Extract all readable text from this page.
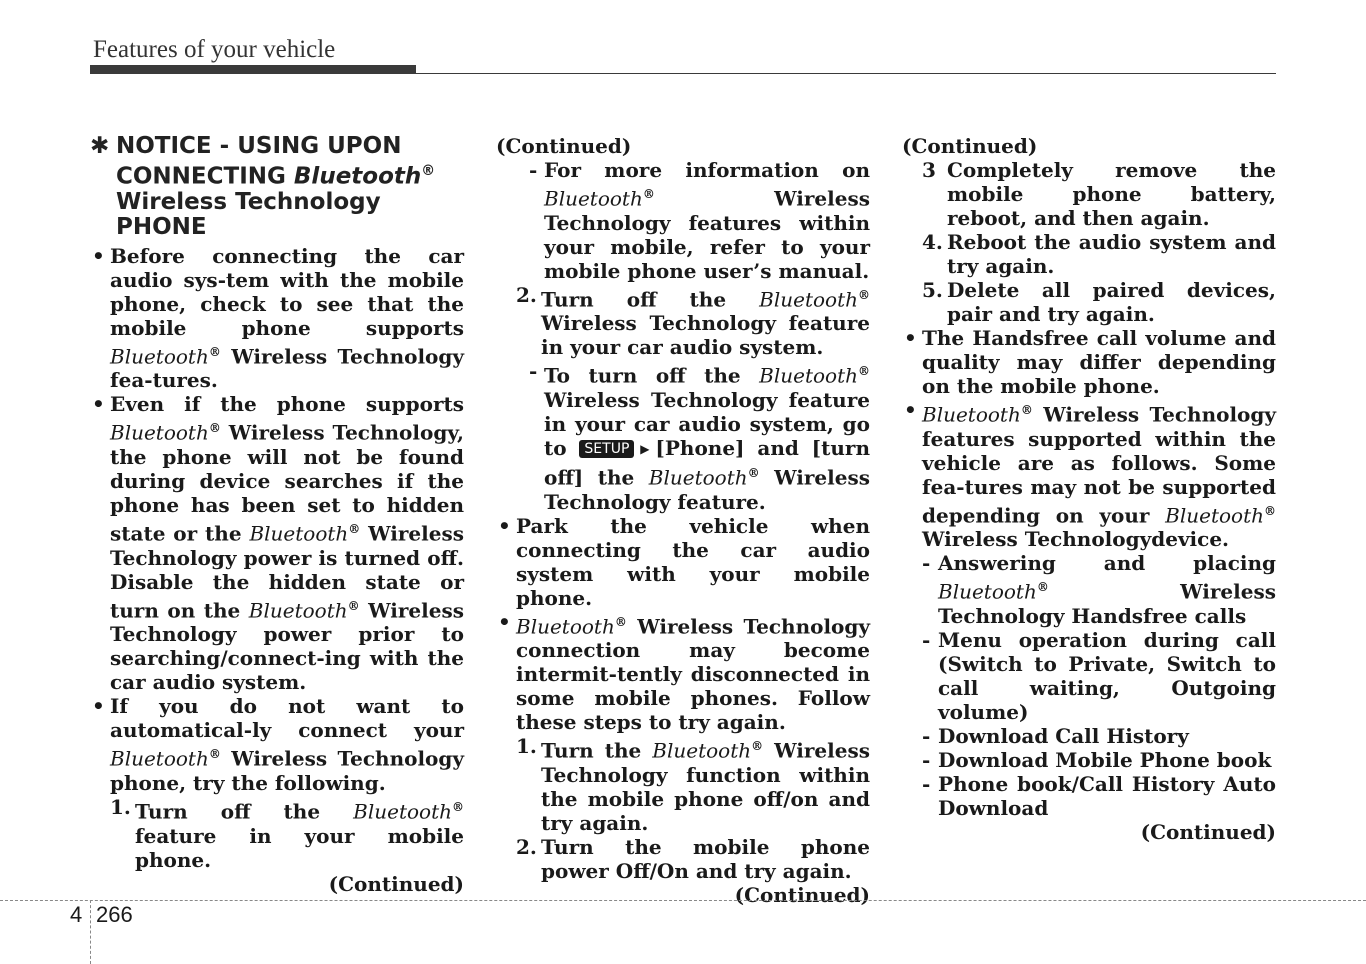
Features of your vehicle
✱ NOTICE - USING UPON
CONNECTING Bluetooth®
Wireless Technology PHONE

• Before connecting the car audio sys-tem with the mobile phone, check to see that the mobile phone supports Bluetooth® Wireless Technology fea-tures.

• Even if the phone supports Bluetooth® Wireless Technology, the phone will not be found during device searches if the phone has been set to hidden state or the Bluetooth® Wireless Technology power is turned off. Disable the hidden state or turn on the Bluetooth® Wireless Technology power prior to searching/connect-ing with the car audio system.

• If you do not want to automatical-ly connect your Bluetooth® Wireless Technology phone, try the following.

1. Turn off the Bluetooth® feature in your mobile phone.

(Continued)
(Continued)

- For more information on Bluetooth® Wireless Technology features within your mobile, refer to your mobile phone user’s manual.

2. Turn off the Bluetooth® Wireless Technology feature in your car audio system.

- To turn off the Bluetooth® Wireless Technology feature in your car audio system, go to SETUP ▶[Phone] and [turn off] the Bluetooth® Wireless Technology feature.

• Park the vehicle when connecting the car audio system with your mobile phone.

• Bluetooth® Wireless Technology connection may become intermit-tently disconnected in some mobile phones. Follow these steps to try again.

1. Turn the Bluetooth® Wireless Technology function within the mobile phone off/on and try again.

2. Turn the mobile phone power Off/On and try again.

(Continued)
(Continued)

3 Completely remove the mobile phone battery, reboot, and then again.

4. Reboot the audio system and try again.

5. Delete all paired devices, pair and try again.

• The Handsfree call volume and quality may differ depending on the mobile phone.

• Bluetooth® Wireless Technology features supported within the vehicle are as follows. Some fea-tures may not be supported depending on your Bluetooth® Wireless Technologydevice.

- Answering and placing Bluetooth® Wireless Technology Handsfree calls

- Menu operation during call (Switch to Private, Switch to call waiting, Outgoing volume)

- Download Call History

- Download Mobile Phone book

- Phone book/Call History Auto Download

(Continued)
4 266
